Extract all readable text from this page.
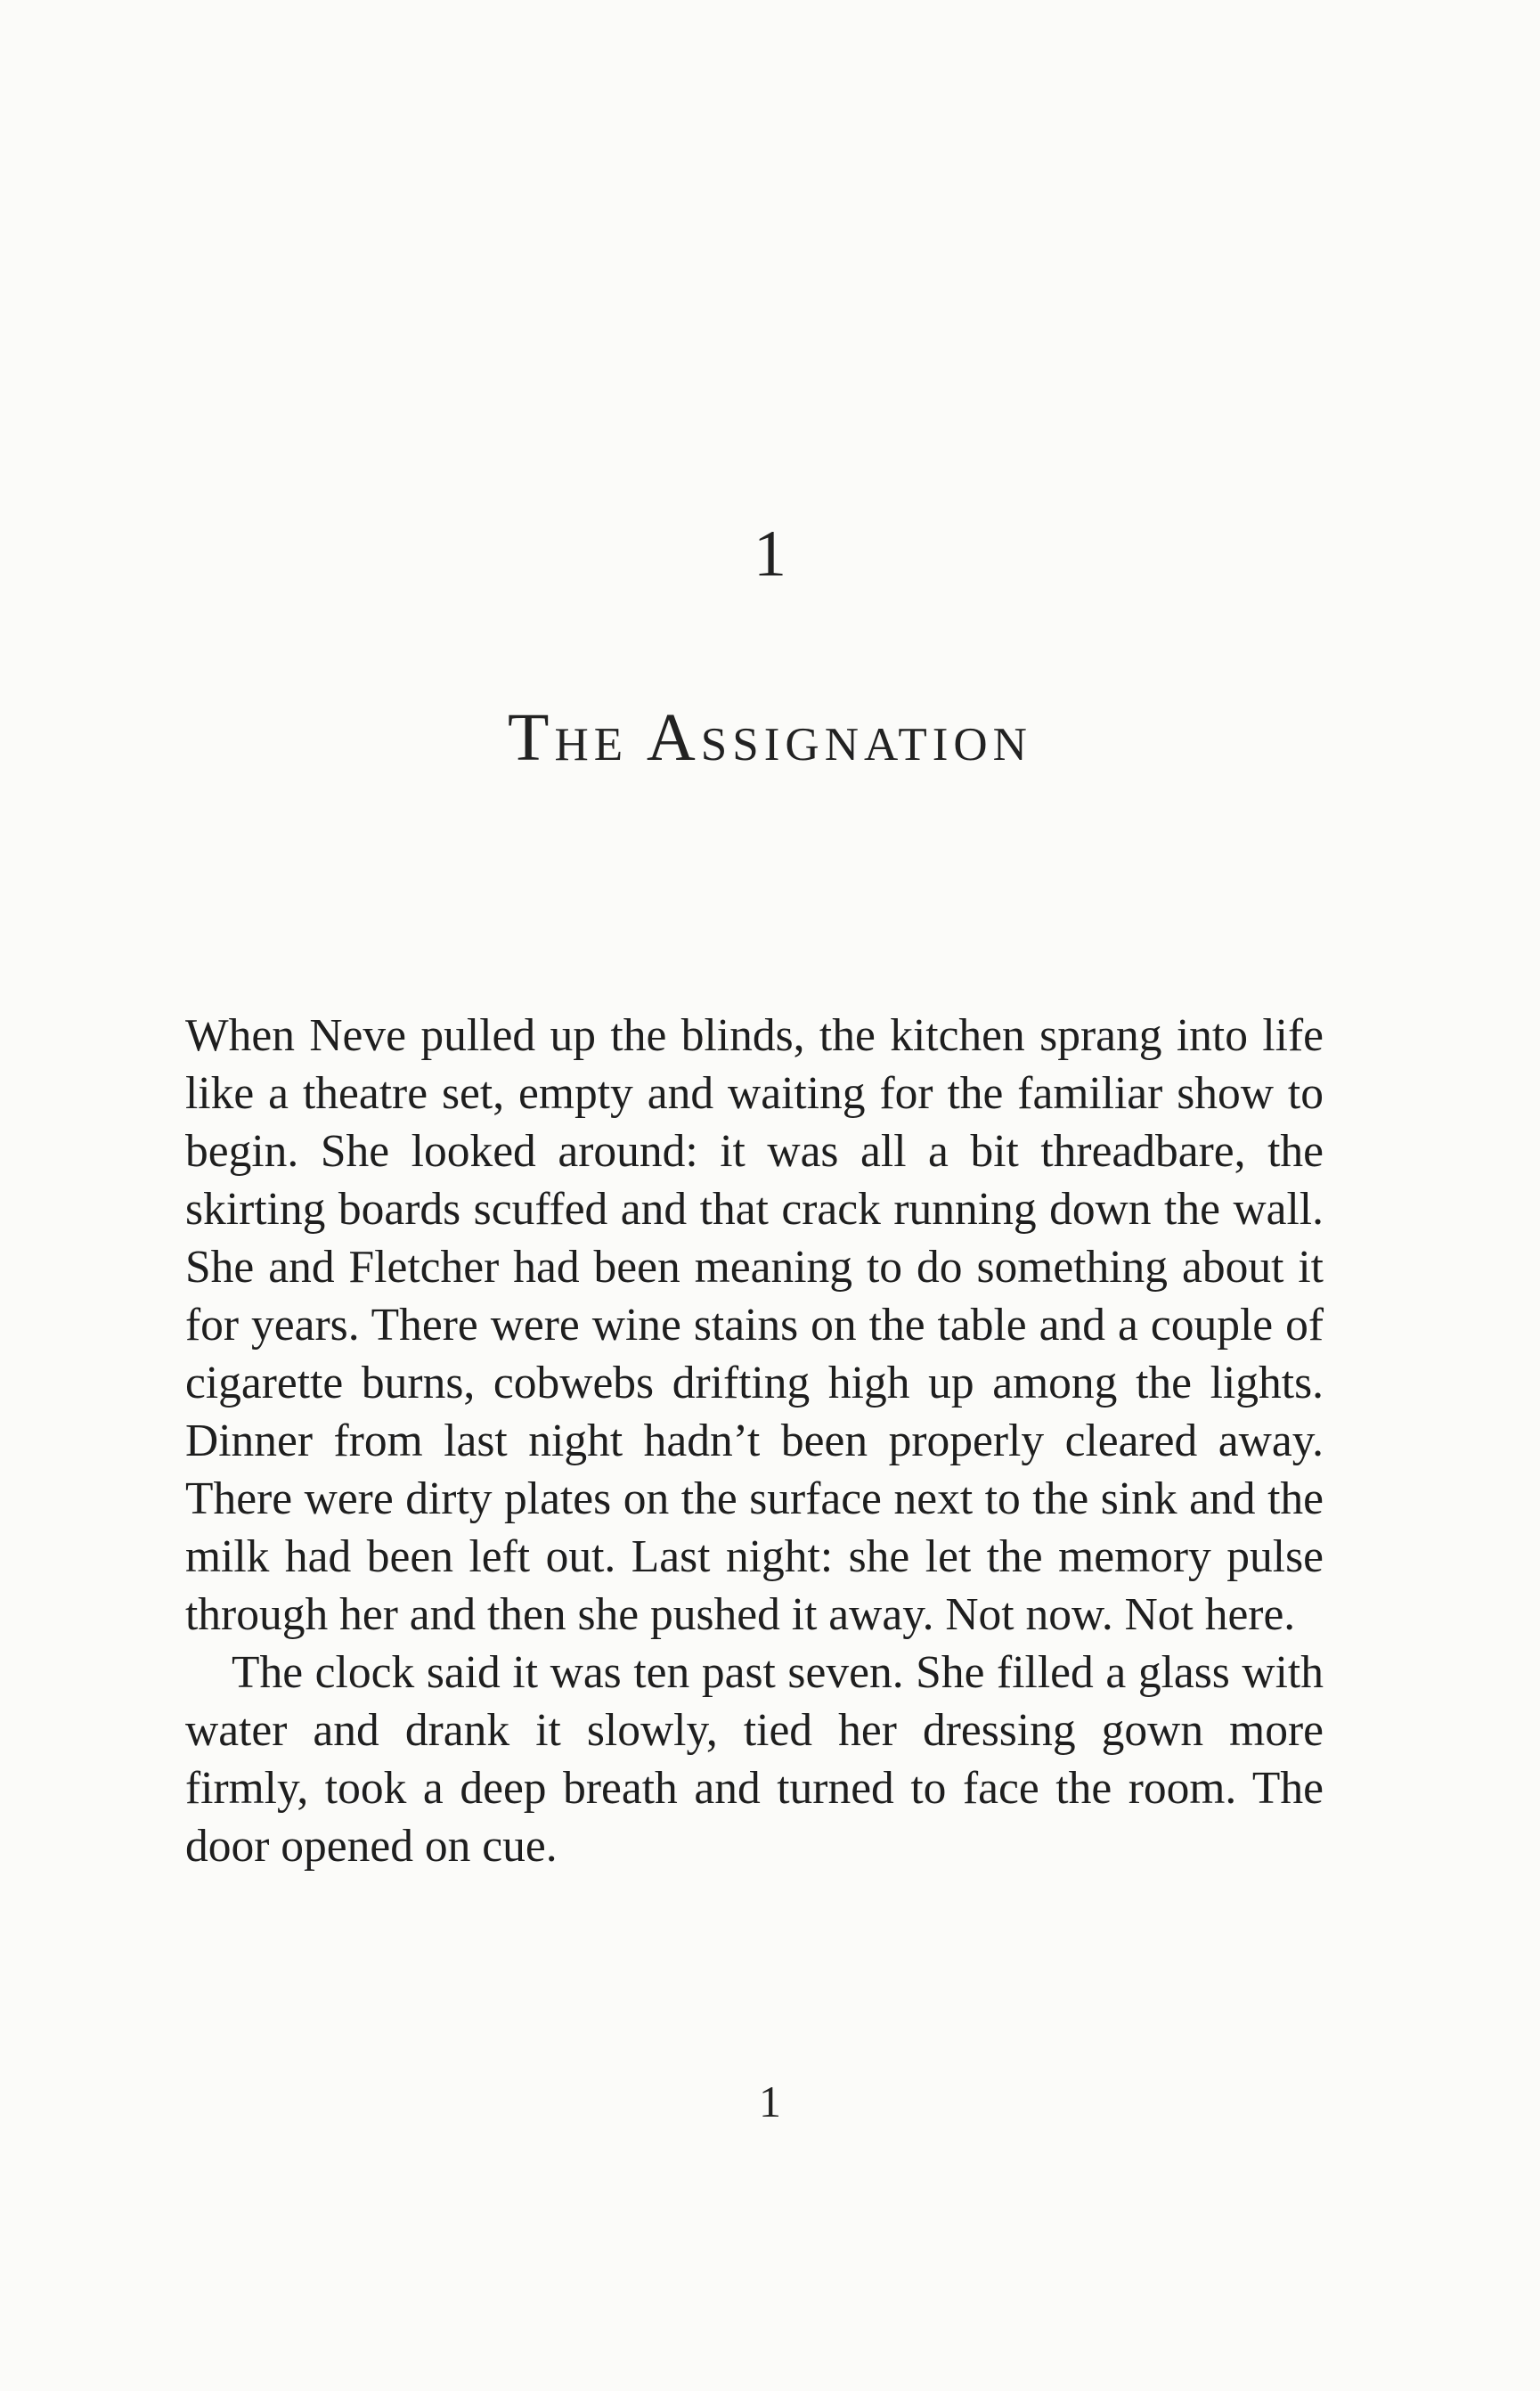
1
The Assignation

When Neve pulled up the blinds, the kitchen sprang into life like a theatre set, empty and waiting for the familiar show to begin. She looked around: it was all a bit threadbare, the skirting boards scuffed and that crack running down the wall. She and Fletcher had been meaning to do something about it for years. There were wine stains on the table and a couple of cigarette burns, cobwebs drifting high up among the lights. Dinner from last night hadn’t been properly cleared away. There were dirty plates on the surface next to the sink and the milk had been left out. Last night: she let the memory pulse through her and then she pushed it away. Not now. Not here.

The clock said it was ten past seven. She filled a glass with water and drank it slowly, tied her dressing gown more firmly, took a deep breath and turned to face the room. The door opened on cue.

1
